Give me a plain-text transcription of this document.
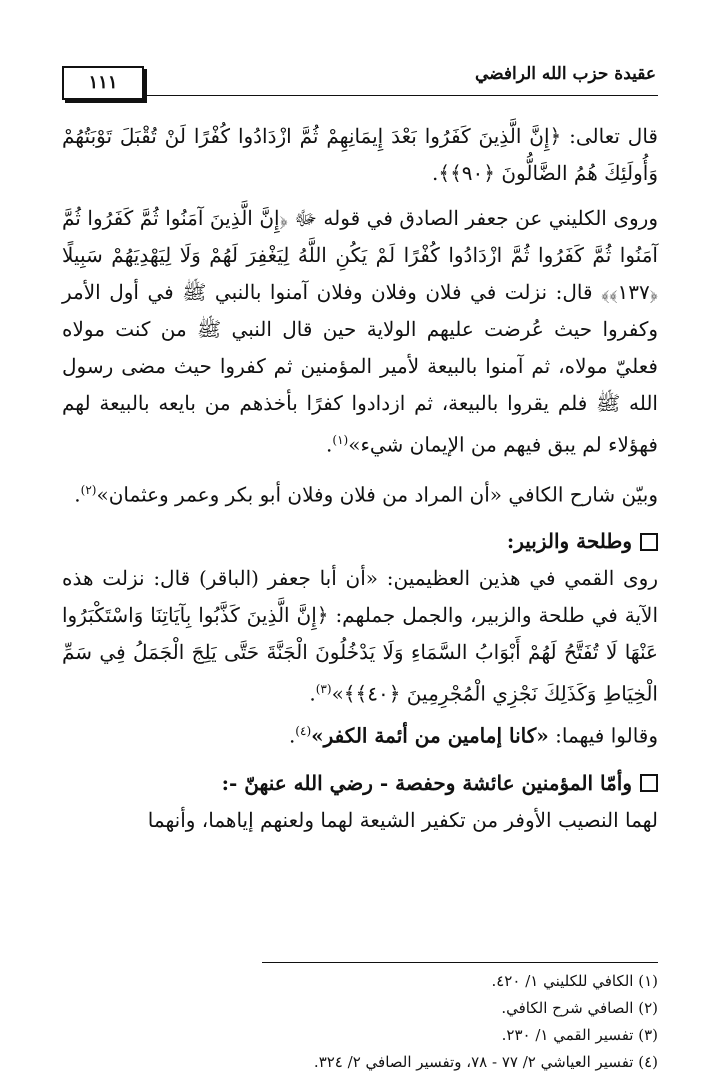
١١١	عقيدة حزب الله الرافضي

قال تعالى: ﴿إِنَّ الَّذِينَ كَفَرُوا بَعْدَ إِيمَانِهِمْ ثُمَّ ازْدَادُوا كُفْرًا لَنْ تُقْبَلَ تَوْبَتُهُمْ وَأُولَئِكَ هُمُ الضَّالُّونَ ﴿٩٠﴾﴾.

وروى الكليني عن جعفر الصادق في قوله ﷻ ﴿إِنَّ الَّذِينَ آمَنُوا ثُمَّ كَفَرُوا ثُمَّ آمَنُوا ثُمَّ كَفَرُوا ثُمَّ ازْدَادُوا كُفْرًا لَمْ يَكُنِ اللَّهُ لِيَغْفِرَ لَهُمْ وَلَا لِيَهْدِيَهُمْ سَبِيلًا ﴿١٣٧﴾﴾ قال: نزلت في فلان وفلان وفلان آمنوا بالنبي ﷺ في أول الأمر وكفروا حيث عُرضت عليهم الولاية حين قال النبي ﷺ من كنت مولاه فعليّ مولاه، ثم آمنوا بالبيعة لأمير المؤمنين ثم كفروا حيث مضى رسول الله ﷺ فلم يقروا بالبيعة، ثم ازدادوا كفرًا بأخذهم من بايعه بالبيعة لهم فهؤلاء لم يبق فيهم من الإيمان شيء»$^{(١)}$.

وبيّن شارح الكافي «أن المراد من فلان وفلان أبو بكر وعمر وعثمان»$^{(٢)}$.

وطلحة والزبير:

روى القمي في هذين العظيمين: «أن أبا جعفر (الباقر) قال: نزلت هذه الآية في طلحة والزبير، والجمل جملهم: ﴿إِنَّ الَّذِينَ كَذَّبُوا بِآيَاتِنَا وَاسْتَكْبَرُوا عَنْهَا لَا تُفَتَّحُ لَهُمْ أَبْوَابُ السَّمَاءِ وَلَا يَدْخُلُونَ الْجَنَّةَ حَتَّى يَلِجَ الْجَمَلُ فِي سَمِّ الْخِيَاطِ وَكَذَلِكَ نَجْزِي الْمُجْرِمِينَ ﴿٤٠﴾﴾»$^{(٣)}$.

وقالوا فيهما: «كانا إمامين من أئمة الكفر»$^{(٤)}$.

وأمّا المؤمنين عائشة وحفصة - رضي الله عنهنّ -:

لهما النصيب الأوفر من تكفير الشيعة لهما ولعنهم إياهما، وأنهما

(١) الكافي للكليني ١/ ٤٢٠.
(٢) الصافي شرح الكافي.
(٣) تفسير القمي ١/ ٢٣٠.
(٤) تفسير العياشي ٢/ ٧٧ - ٧٨، وتفسير الصافي ٢/ ٣٢٤.
